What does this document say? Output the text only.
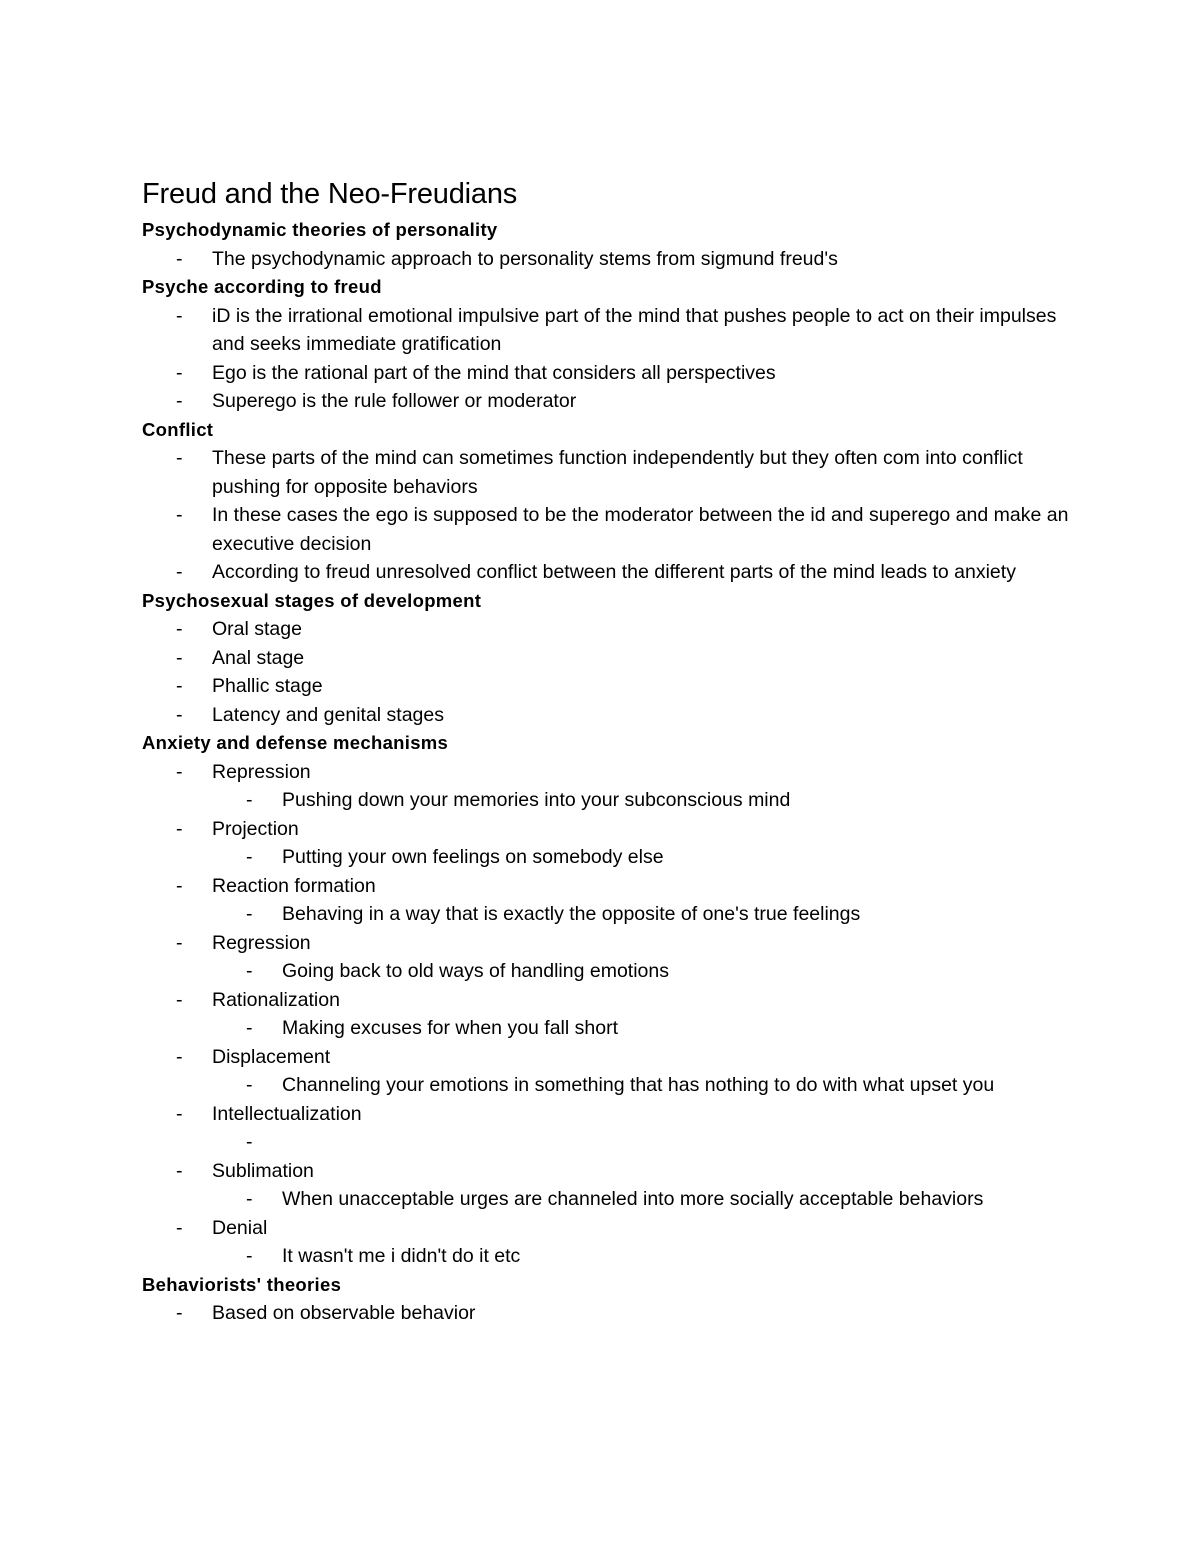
Freud and the Neo-Freudians
Psychodynamic theories of personality
-	The psychodynamic approach to personality stems from sigmund freud's
Psyche according to freud
-	iD is the irrational emotional impulsive part of the mind that pushes people to act on their impulses and seeks immediate gratification
-	Ego is the rational part of the mind that considers all perspectives
-	Superego is the rule follower or moderator
Conflict
-	These parts of the mind can sometimes function independently but they often com into conflict pushing for opposite behaviors
-	In these cases the ego is supposed to be the moderator between the id and superego and make an executive decision
-	According to freud unresolved conflict between the different parts of the mind leads to anxiety
Psychosexual stages of development
-	Oral stage
-	Anal stage
-	Phallic stage
-	Latency and genital stages
Anxiety and defense mechanisms
-	Repression
-	Pushing down your memories into your subconscious mind
-	Projection
-	Putting your own feelings on somebody else
-	Reaction formation
-	Behaving in a way that is exactly the opposite of one's true feelings
-	Regression
-	Going back to old ways of handling emotions
-	Rationalization
-	Making excuses for when you fall short
-	Displacement
-	Channeling your emotions in something that has nothing to do with what upset you
-	Intellectualization
-
-	Sublimation
-	When unacceptable urges are channeled into more socially acceptable behaviors
-	Denial
-	It wasn't me i didn't do it etc
Behaviorists' theories
-	Based on observable behavior
